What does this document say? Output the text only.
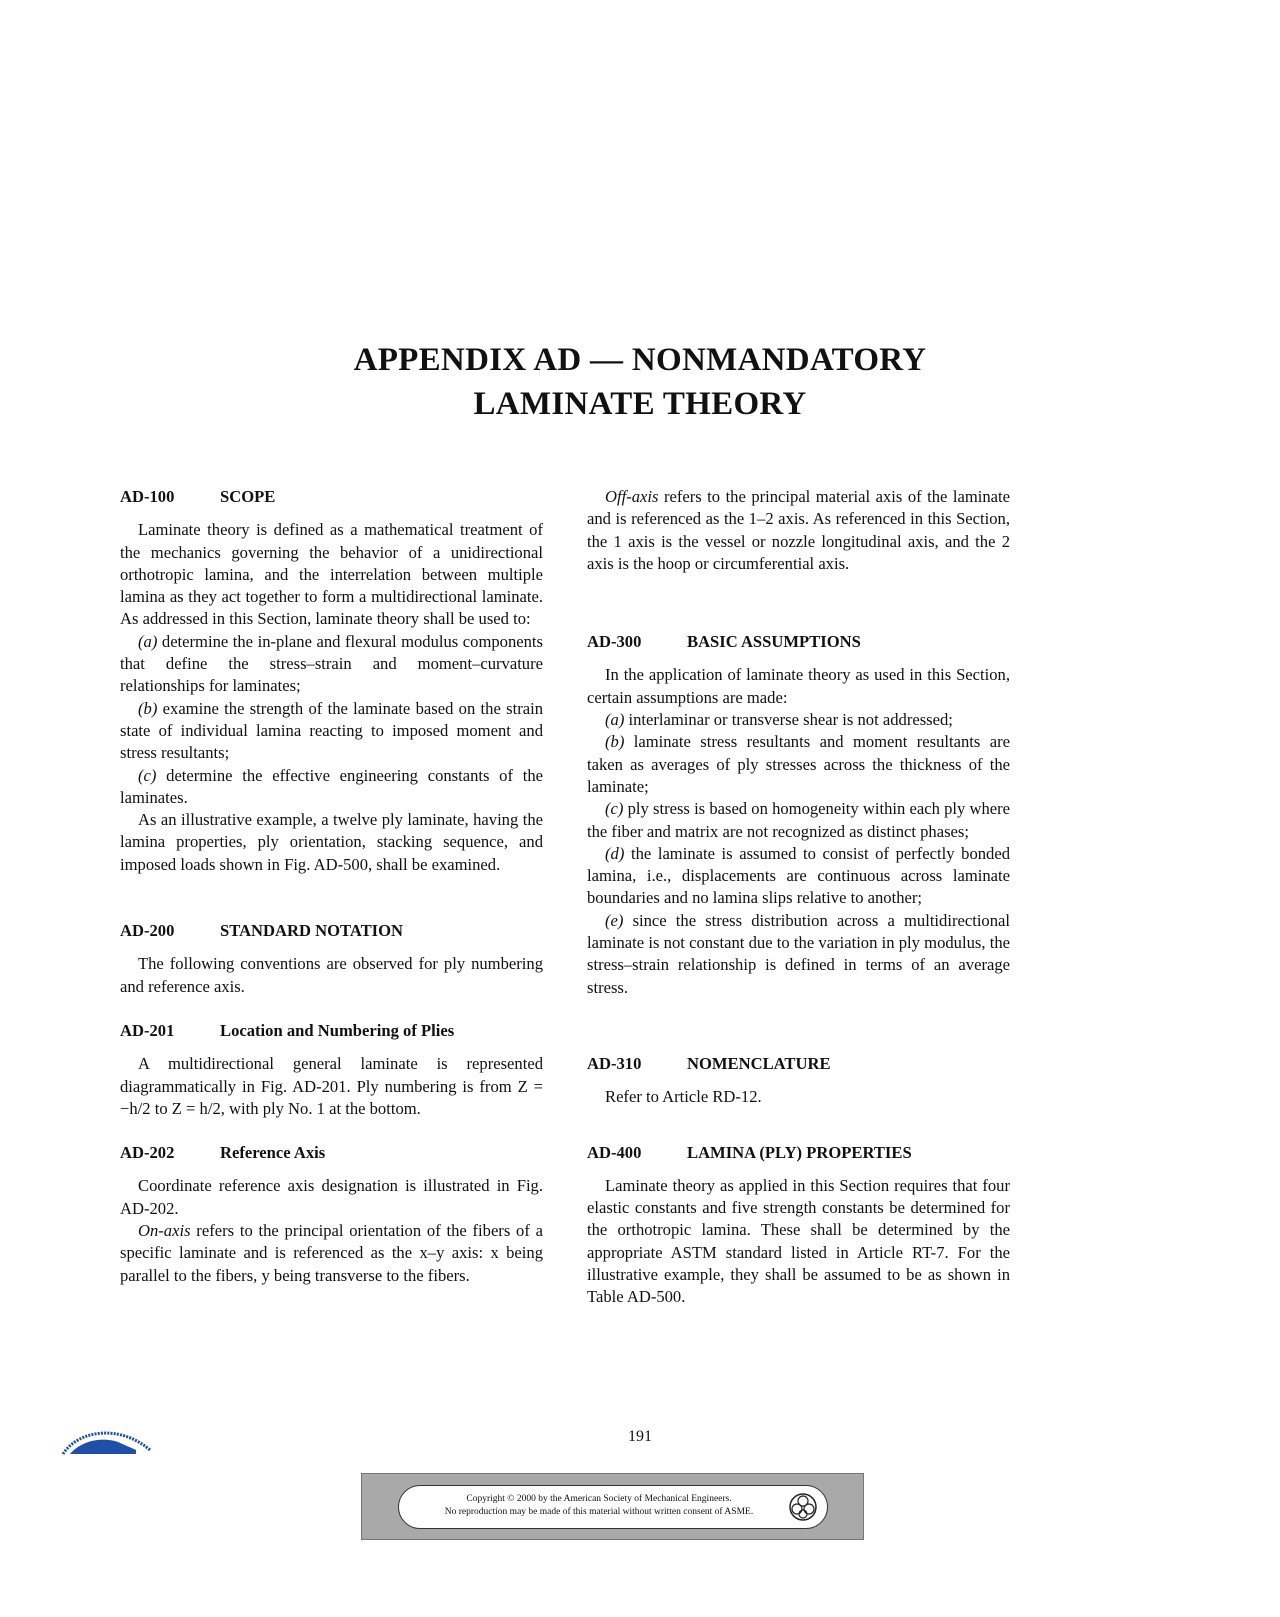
APPENDIX AD — NONMANDATORY
LAMINATE THEORY
AD-100	SCOPE

Laminate theory is defined as a mathematical treatment of the mechanics governing the behavior of a unidirectional orthotropic lamina, and the interrelation between multiple lamina as they act together to form a multidirectional laminate. As addressed in this Section, laminate theory shall be used to:

(a) determine the in-plane and flexural modulus components that define the stress–strain and moment–curvature relationships for laminates;

(b) examine the strength of the laminate based on the strain state of individual lamina reacting to imposed moment and stress resultants;

(c) determine the effective engineering constants of the laminates.

As an illustrative example, a twelve ply laminate, having the lamina properties, ply orientation, stacking sequence, and imposed loads shown in Fig. AD-500, shall be examined.

AD-200	STANDARD NOTATION

The following conventions are observed for ply numbering and reference axis.

AD-201	Location and Numbering of Plies

A multidirectional general laminate is represented diagrammatically in Fig. AD-201. Ply numbering is from Z = −h/2 to Z = h/2, with ply No. 1 at the bottom.

AD-202	Reference Axis

Coordinate reference axis designation is illustrated in Fig. AD-202.

On-axis refers to the principal orientation of the fibers of a specific laminate and is referenced as the x–y axis: x being parallel to the fibers, y being transverse to the fibers.

Off-axis refers to the principal material axis of the laminate and is referenced as the 1–2 axis. As referenced in this Section, the 1 axis is the vessel or nozzle longitudinal axis, and the 2 axis is the hoop or circumferential axis.

AD-300	BASIC ASSUMPTIONS

In the application of laminate theory as used in this Section, certain assumptions are made:

(a) interlaminar or transverse shear is not addressed;

(b) laminate stress resultants and moment resultants are taken as averages of ply stresses across the thickness of the laminate;

(c) ply stress is based on homogeneity within each ply where the fiber and matrix are not recognized as distinct phases;

(d) the laminate is assumed to consist of perfectly bonded lamina, i.e., displacements are continuous across laminate boundaries and no lamina slips relative to another;

(e) since the stress distribution across a multidirectional laminate is not constant due to the variation in ply modulus, the stress–strain relationship is defined in terms of an average stress.

AD-310	NOMENCLATURE

Refer to Article RD-12.

AD-400	LAMINA (PLY) PROPERTIES

Laminate theory as applied in this Section requires that four elastic constants and five strength constants be determined for the orthotropic lamina. These shall be determined by the appropriate ASTM standard listed in Article RT-7. For the illustrative example, they shall be assumed to be as shown in Table AD-500.

191
Copyright © 2000 by the American Society of Mechanical Engineers.
No reproduction may be made of this material without written consent of ASME.
